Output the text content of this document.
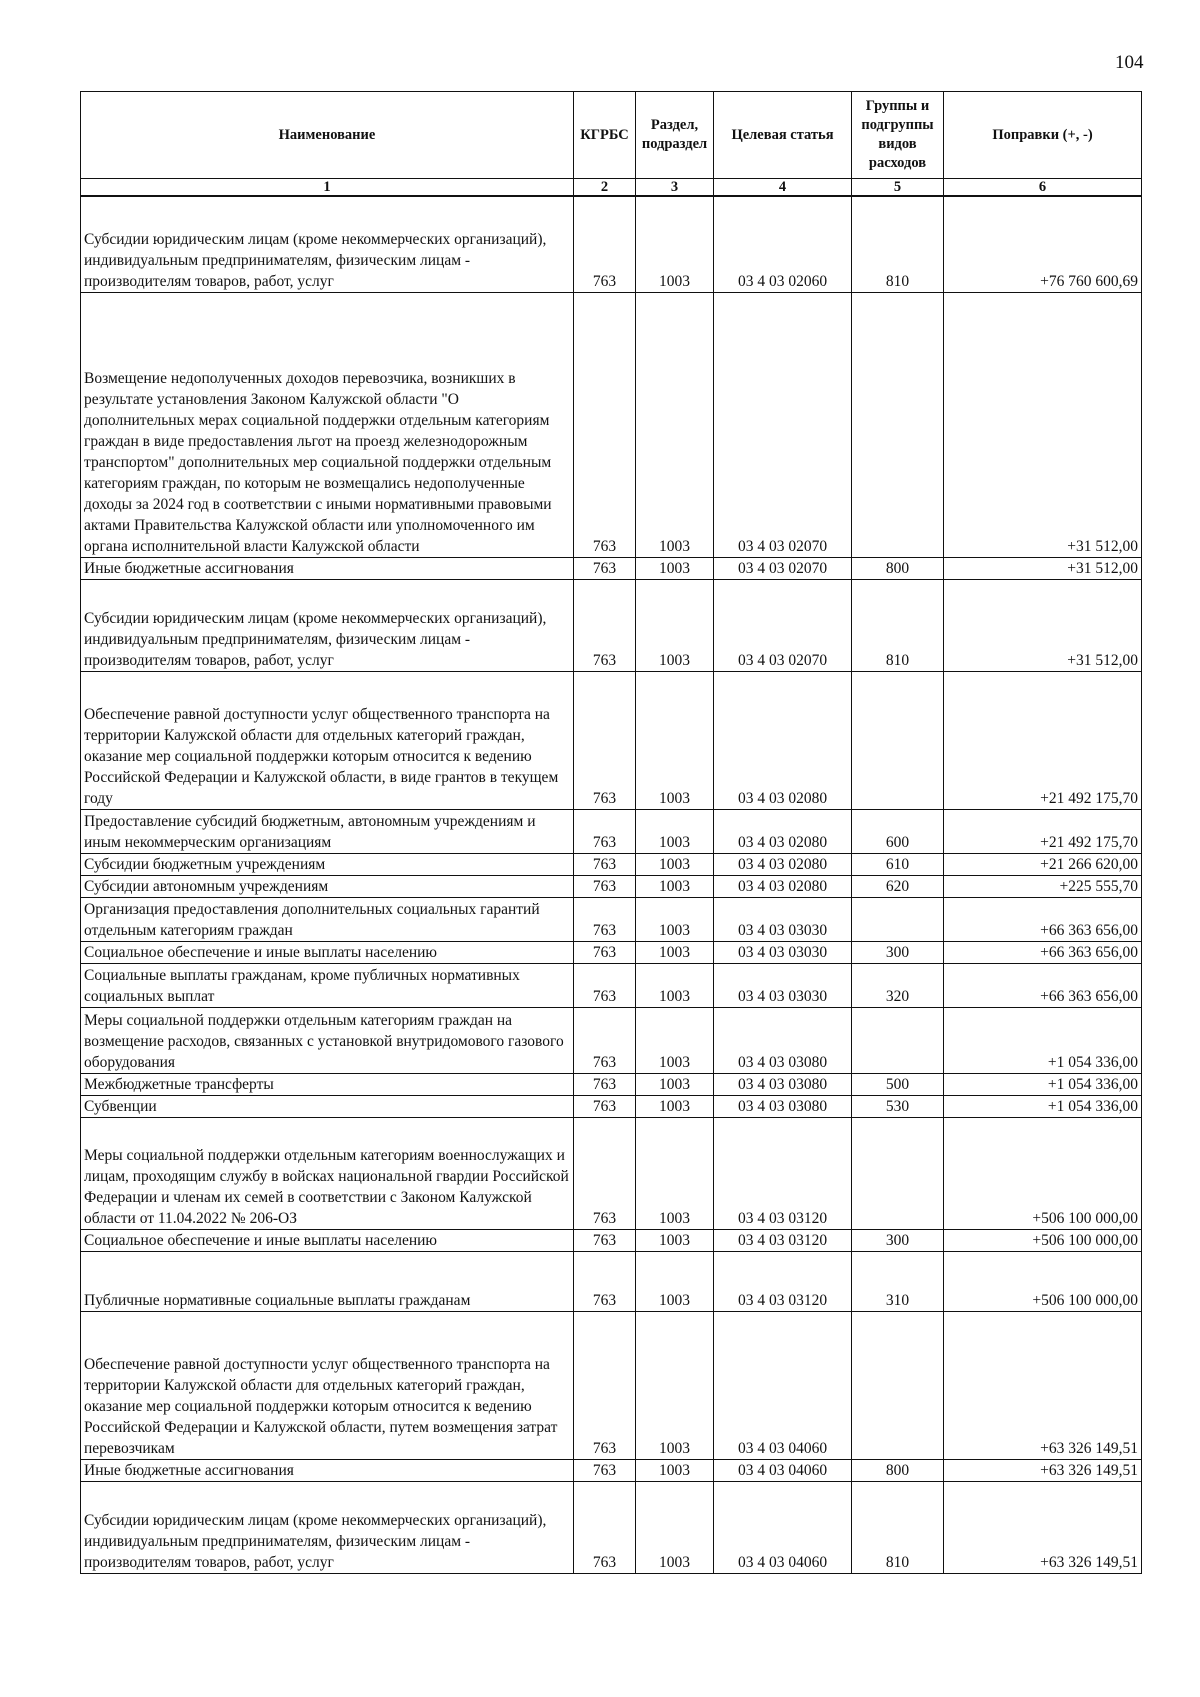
104
Наименование	КГРБС	Раздел, подраздел	Целевая статья	Группы и подгруппы видов расходов	Поправки (+, -)
1	2	3	4	5	6
Субсидии юридическим лицам (кроме некоммерческих организаций), индивидуальным предпринимателям, физическим лицам - производителям товаров, работ, услуг	763	1003	03 4 03 02060	810	+76 760 600,69
Возмещение недополученных доходов перевозчика, возникших в результате установления Законом Калужской области "О дополнительных мерах социальной поддержки отдельным категориям граждан в виде предоставления льгот на проезд железнодорожным транспортом" дополнительных мер социальной поддержки отдельным категориям граждан, по которым не возмещались недополученные доходы за 2024 год в соответствии с иными нормативными правовыми актами Правительства Калужской области или уполномоченного им органа исполнительной власти Калужской области	763	1003	03 4 03 02070		+31 512,00
Иные бюджетные ассигнования	763	1003	03 4 03 02070	800	+31 512,00
Субсидии юридическим лицам (кроме некоммерческих организаций), индивидуальным предпринимателям, физическим лицам - производителям товаров, работ, услуг	763	1003	03 4 03 02070	810	+31 512,00
Обеспечение равной доступности услуг общественного транспорта на территории Калужской области для отдельных категорий граждан, оказание мер социальной поддержки которым относится к ведению Российской Федерации и Калужской области, в виде грантов в текущем году	763	1003	03 4 03 02080		+21 492 175,70
Предоставление субсидий бюджетным, автономным учреждениям и иным некоммерческим организациям	763	1003	03 4 03 02080	600	+21 492 175,70
Субсидии бюджетным учреждениям	763	1003	03 4 03 02080	610	+21 266 620,00
Субсидии автономным учреждениям	763	1003	03 4 03 02080	620	+225 555,70
Организация предоставления дополнительных социальных гарантий отдельным категориям граждан	763	1003	03 4 03 03030		+66 363 656,00
Социальное обеспечение и иные выплаты населению	763	1003	03 4 03 03030	300	+66 363 656,00
Социальные выплаты гражданам, кроме публичных нормативных социальных выплат	763	1003	03 4 03 03030	320	+66 363 656,00
Меры социальной поддержки отдельным категориям граждан на возмещение расходов, связанных с установкой внутридомового газового оборудования	763	1003	03 4 03 03080		+1 054 336,00
Межбюджетные трансферты	763	1003	03 4 03 03080	500	+1 054 336,00
Субвенции	763	1003	03 4 03 03080	530	+1 054 336,00
Меры социальной поддержки отдельным категориям военнослужащих и лицам, проходящим службу в войсках национальной гвардии Российской Федерации и членам их семей в соответствии с Законом Калужской области от 11.04.2022 № 206-ОЗ	763	1003	03 4 03 03120		+506 100 000,00
Социальное обеспечение и иные выплаты населению	763	1003	03 4 03 03120	300	+506 100 000,00
Публичные нормативные социальные выплаты гражданам	763	1003	03 4 03 03120	310	+506 100 000,00
Обеспечение равной доступности услуг общественного транспорта на территории Калужской области для отдельных категорий граждан, оказание мер социальной поддержки которым относится к ведению Российской Федерации и Калужской области, путем возмещения затрат перевозчикам	763	1003	03 4 03 04060		+63 326 149,51
Иные бюджетные ассигнования	763	1003	03 4 03 04060	800	+63 326 149,51
Субсидии юридическим лицам (кроме некоммерческих организаций), индивидуальным предпринимателям, физическим лицам - производителям товаров, работ, услуг	763	1003	03 4 03 04060	810	+63 326 149,51
